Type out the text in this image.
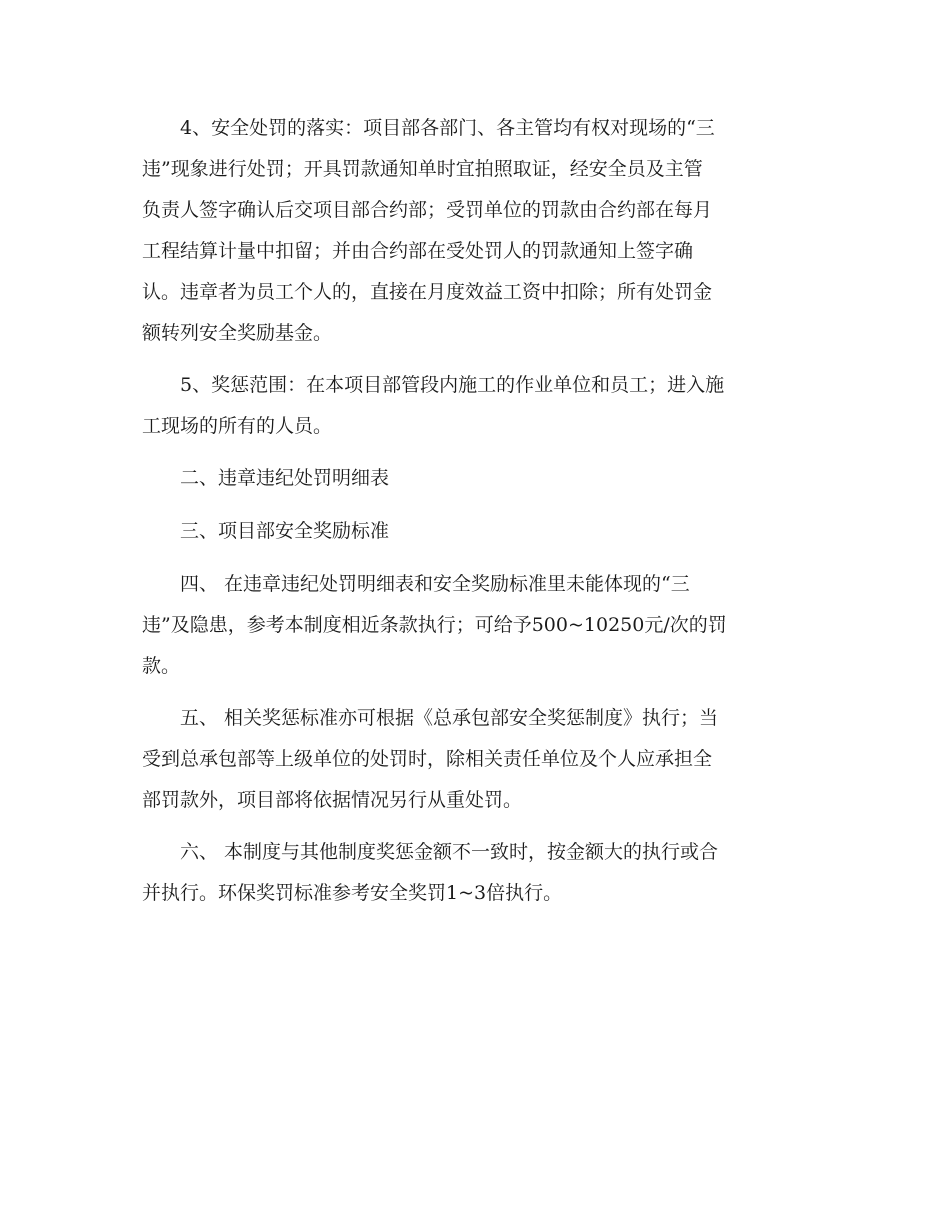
　　4、安全处罚的落实：项目部各部门、各主管均有权对现场的“三
违”现象进行处罚；开具罚款通知单时宜拍照取证，经安全员及主管
负责人签字确认后交项目部合约部；受罚单位的罚款由合约部在每月
工程结算计量中扣留；并由合约部在受处罚人的罚款通知上签字确
认。违章者为员工个人的，直接在月度效益工资中扣除；所有处罚金
额转列安全奖励基金。
　　5、奖惩范围：在本项目部管段内施工的作业单位和员工；进入施
工现场的所有的人员。
　　二、违章违纪处罚明细表
　　三、项目部安全奖励标准
　　四、 在违章违纪处罚明细表和安全奖励标准里未能体现的“三
违”及隐患，参考本制度相近条款执行；可给予500~10250元/次的罚
款。
　　五、 相关奖惩标准亦可根据《总承包部安全奖惩制度》执行；当
受到总承包部等上级单位的处罚时，除相关责任单位及个人应承担全
部罚款外，项目部将依据情况另行从重处罚。
　　六、 本制度与其他制度奖惩金额不一致时，按金额大的执行或合
并执行。环保奖罚标准参考安全奖罚1~3倍执行。
